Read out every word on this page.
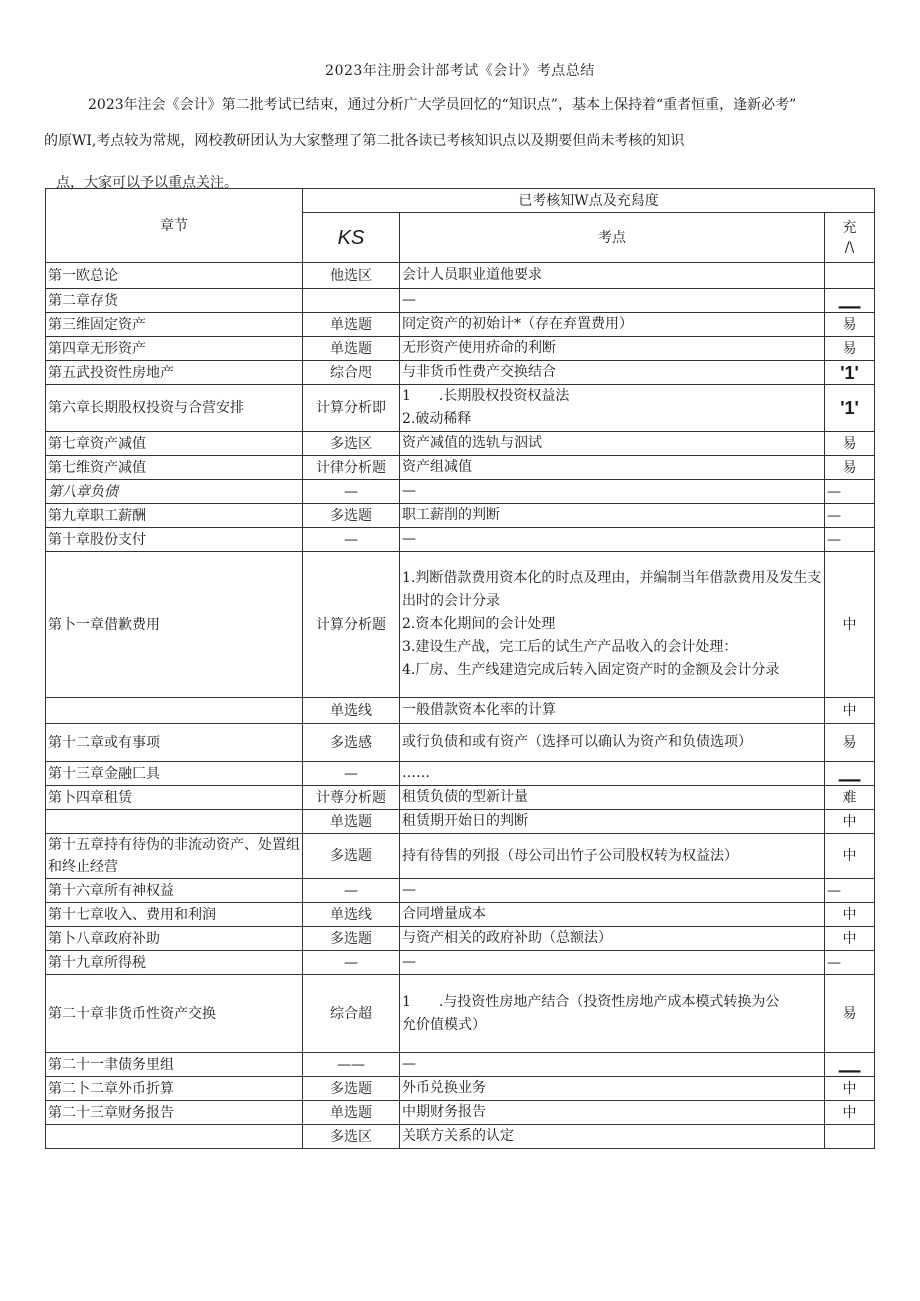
2023年注册会计部考试《会计》考点总结
2023年注会《会计》第二批考试已结束，通过分析广大学员回忆的“知识点”，基本上保持着“重者恒重，逢新必考”
的原WI,考点较为常规，网校教研团认为大家整理了第二批各读已考核知识点以及期要但尚未考核的知识
点，大家可以予以重点关注。
章节	已考核知W点及充舄度		
	KS	考点	充
/\
第一欧总论	他选区	会计人员职业道他要求	

第二章存货		—	▁▁
第三维固定资产	单选题	冏定资产的初始计*（存在弃置费用）	易
第四章无形资产	单选题	无形资产使用疥命的利断	易
第五武投资性房地产	综合咫	与非货币性费产交换结合	'1'
第六章长期股权投资与合营安排	计算分析即	1　　.长期股权投资权益法
2.破动稀释	'1'
第七章资产减值	多选区	资产减值的选轨与泅试	易
第七维资产减值	计律分析题	资产组减值	易
第八章负债	—	—	—
第九章职工薪酬	多选题	职工薪削的判断	—
第十章股份支付	—	—	—
第卜一章借歉费用	计算分析题	1.判断借款费用资本化的时点及理由，并编制当年借款费用及发生支出时的会计分录
2.资本化期间的会计处理
3.建设生产战，完工后的试生产产品收入的会计处理：
4.厂房、生产线建造完成后转入固定资产时的金额及会计分录	中
	单选线	一般借款资本化率的计算	中
第十二章或有事项	多选感	或行负债和或有资产（选择可以确认为资产和负债选项）	易
第十三章金融匚具	—	……	▁▁
第卜四章租赁	计尊分析题	租赁负债的型新计量	难
	单选题	租赁期开始日的判断	中
第十五章持有待伪的非流动资产、处置组和终止经营	多选题	持有待售的列报（母公司出竹子公司股权转为权益法）	中
第十六章所有神权益	—	—	—
第十七章收入、费用和利润	单选线	合同增量成本	中
第卜八章政府补助	多选题	与资产相关的政府补助（总额法）	中
第十九章所得税	—	—	—
第二十章非货币性资产交换	综合超	1　　.与投资性房地产结合（投资性房地产成本模式转换为公
允价值模式）	易
第二十一聿债务里组	——	—	▁▁
第二卜二章外币折算	多选题	外币兑换业务	中
第二十三章财务报告	单选题	中期财务报告	中
	多选区	关联方关系的认定	
